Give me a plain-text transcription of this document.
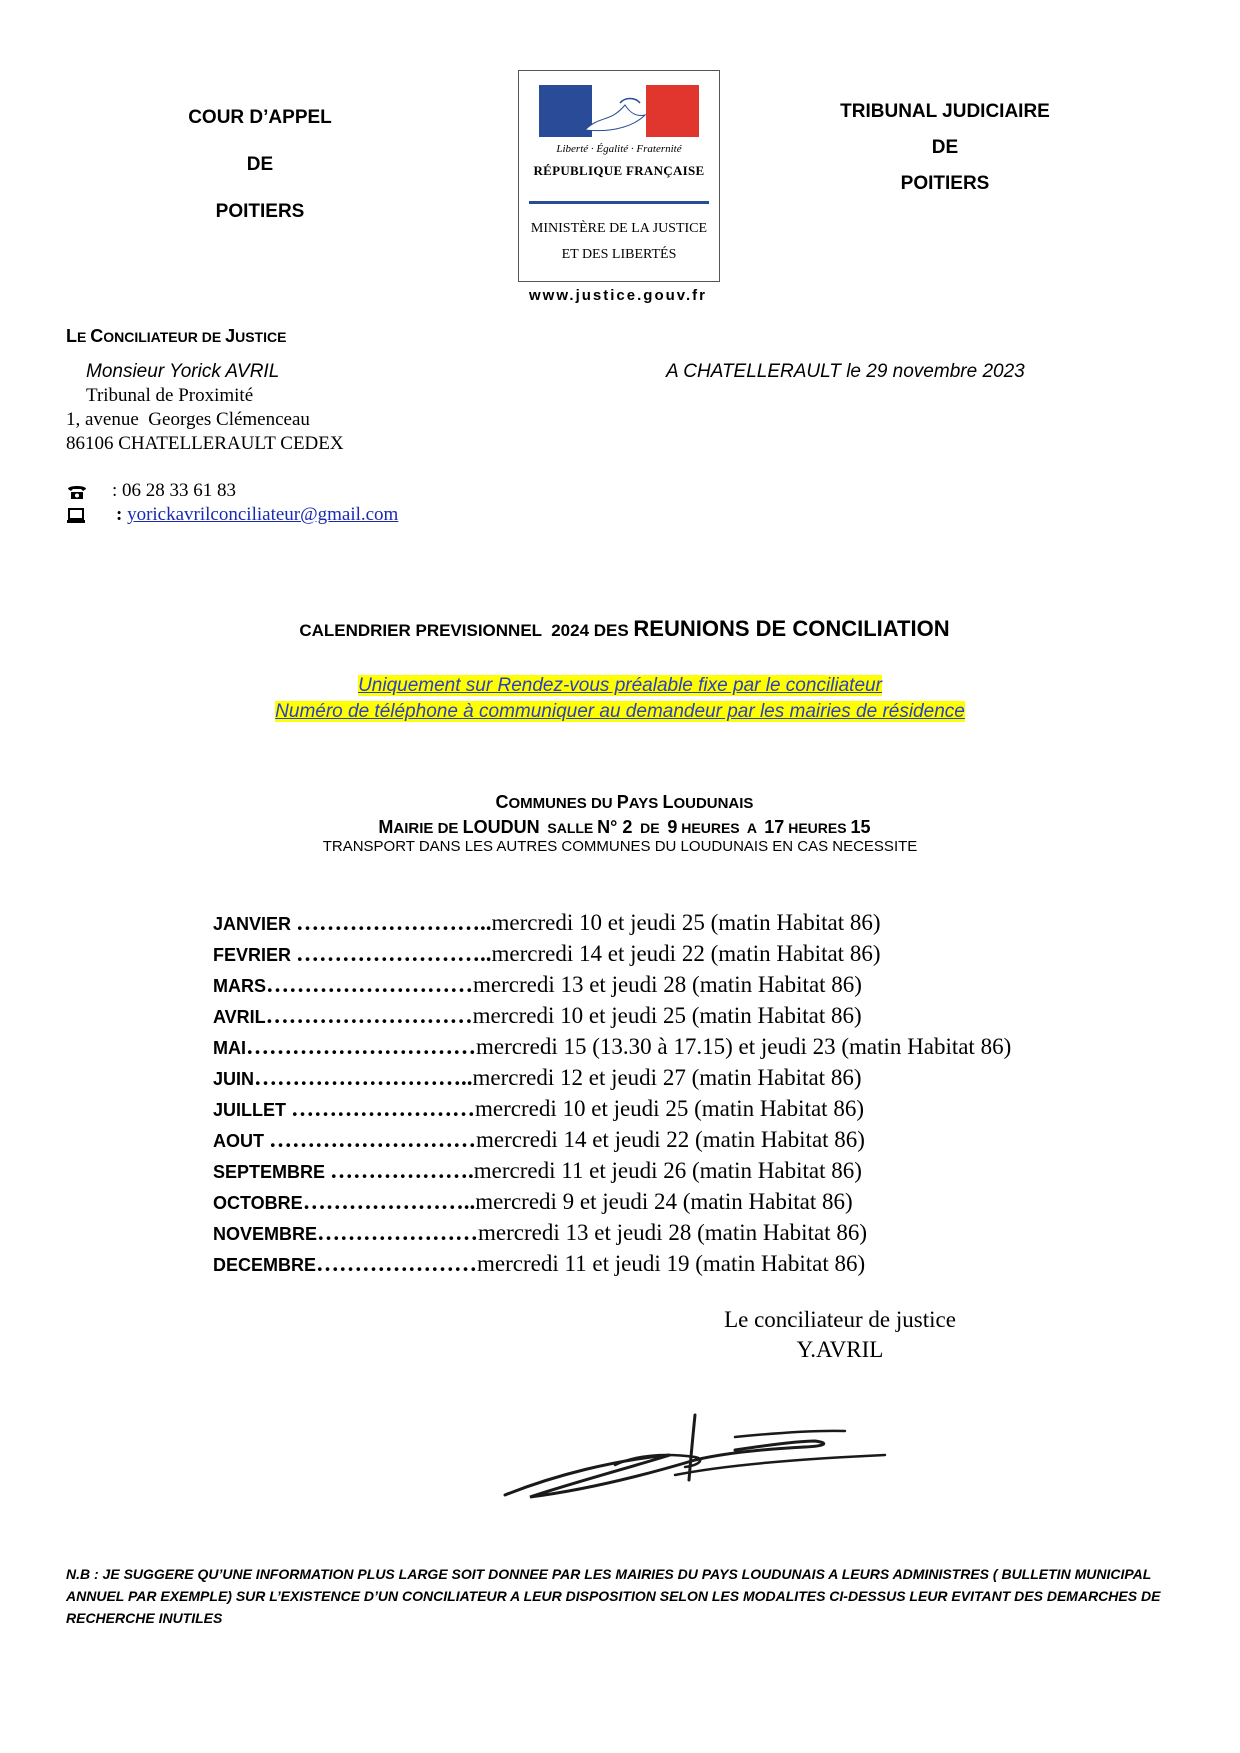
COUR D’APPEL
DE
POITIERS
Liberté · Égalité · Fraternité
RÉPUBLIQUE FRANÇAISE
MINISTÈRE DE LA JUSTICE
ET DES LIBERTÉS
www.justice.gouv.fr
TRIBUNAL JUDICIAIRE
DE
POITIERS
LE CONCILIATEUR DE JUSTICE
Monsieur Yorick AVRIL
Tribunal de Proximité
1, avenue  Georges Clémenceau
86106 CHATELLERAULT CEDEX
: 06 28 33 61 83
: yorickavrilconciliateur@gmail.com
A CHATELLERAULT le 29 novembre 2023

CALENDRIER PREVISIONNEL  2024 DES REUNIONS DE CONCILIATION

Uniquement sur Rendez-vous préalable fixe par le conciliateur
Numéro de téléphone à communiquer au demandeur par les mairies de résidence

COMMUNES DU PAYS LOUDUNAIS

MAIRIE DE LOUDUN  SALLE N° 2  DE  9 HEURES  A  17 HEURES 15

TRANSPORT DANS LES AUTRES COMMUNES DU LOUDUNAIS EN CAS NECESSITE
JANVIER ……………………..mercredi 10 et jeudi 25 (matin Habitat 86)
FEVRIER ……………………..mercredi 14 et jeudi 22 (matin Habitat 86)
MARS………………………mercredi 13 et jeudi 28 (matin Habitat 86)
AVRIL………………………mercredi 10 et jeudi 25 (matin Habitat 86)
MAI…………………………mercredi 15 (13.30 à 17.15) et jeudi 23 (matin Habitat 86)
JUIN………………………..mercredi 12 et jeudi 27 (matin Habitat 86)
JUILLET ……………………mercredi 10 et jeudi 25 (matin Habitat 86)
AOUT ………………………mercredi 14 et jeudi 22 (matin Habitat 86)
SEPTEMBRE ……………….mercredi 11 et jeudi 26 (matin Habitat 86)
OCTOBRE…………………..mercredi 9 et jeudi 24 (matin Habitat 86)
NOVEMBRE…………………mercredi 13 et jeudi 28 (matin Habitat 86)
DECEMBRE…………………mercredi 11 et jeudi 19 (matin Habitat 86)
Le conciliateur de justice
Y.AVRIL
N.B : JE SUGGERE QU’UNE INFORMATION PLUS LARGE SOIT DONNEE PAR LES MAIRIES DU PAYS LOUDUNAIS A LEURS ADMINISTRES ( BULLETIN MUNICIPAL ANNUEL PAR EXEMPLE) SUR L’EXISTENCE D’UN CONCILIATEUR A LEUR DISPOSITION SELON LES MODALITES CI-DESSUS LEUR EVITANT DES DEMARCHES DE RECHERCHE INUTILES
